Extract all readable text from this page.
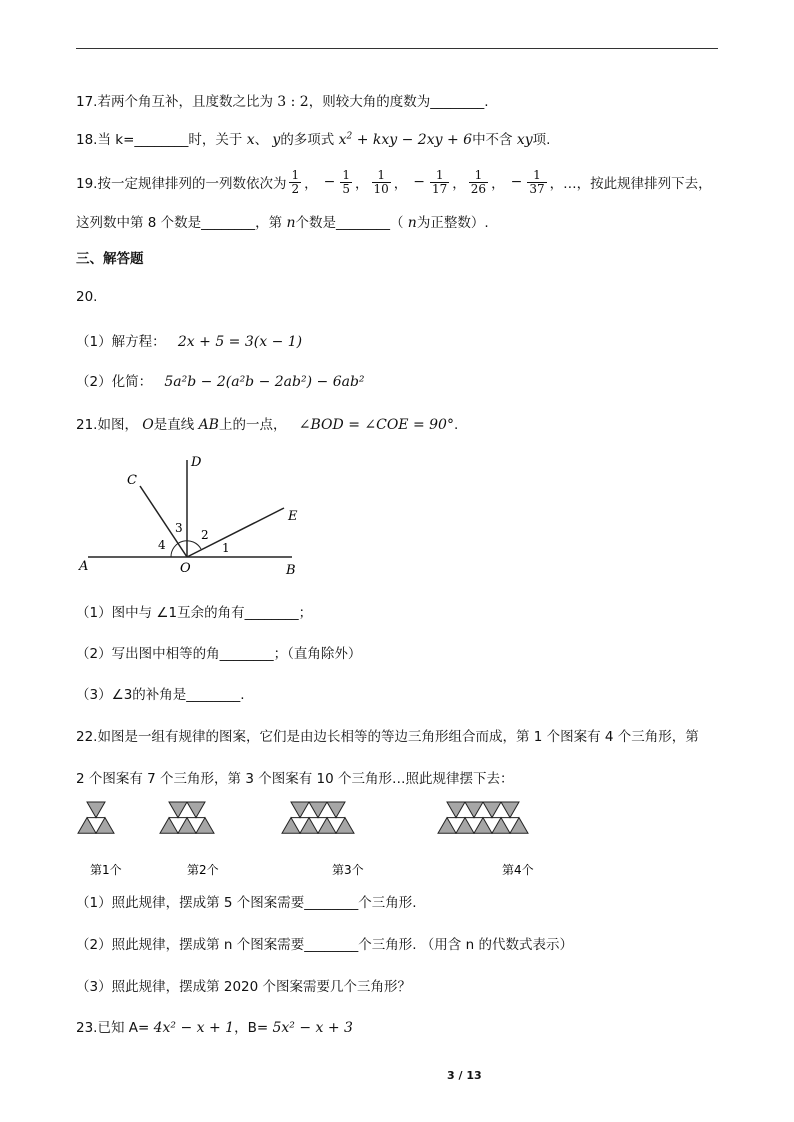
17.若两个角互补，且度数之比为 3 : 2，则较大角的度数为________.
18.当 k=________时，关于 x、 y的多项式 $x^2$ + kxy − 2xy + 6中不含 xy项.
19.按一定规律排列的一列数依次为 $\frac{1}{2}$ ， − $\frac{1}{5}$ ， $\frac{1}{10}$ ， − $\frac{1}{17}$ ， $\frac{1}{26}$ ， − $\frac{1}{37}$ ，…，按此规律排列下去，
这列数中第 8 个数是________，第 n个数是________（ n为正整数）.
三、解答题
20.
（1）解方程： 2x + 5 = 3(x − 1)
（2）化简： 5a²b − 2(a²b − 2ab²) − 6ab²
21.如图， O是直线 AB上的一点， ∠BOD = ∠COE = 90°.
A	B
C
D
E
O
1
2
3
4
（1）图中与 ∠1互余的角有________；
（2）写出图中相等的角________；（直角除外）
（3）∠3的补角是________.
22.如图是一组有规律的图案，它们是由边长相等的等边三角形组合而成，第 1 个图案有 4 个三角形，第
2 个图案有 7 个三角形，第 3 个图案有 10 个三角形…照此规律摆下去：
第1个	第2个	第3个	第4个
（1）照此规律，摆成第 5 个图案需要________个三角形.
（2）照此规律，摆成第 n 个图案需要________个三角形. （用含 n 的代数式表示）
（3）照此规律，摆成第 2020 个图案需要几个三角形？
23.已知 A= 4x² − x + 1，B= 5x² − x + 3
3 / 13
